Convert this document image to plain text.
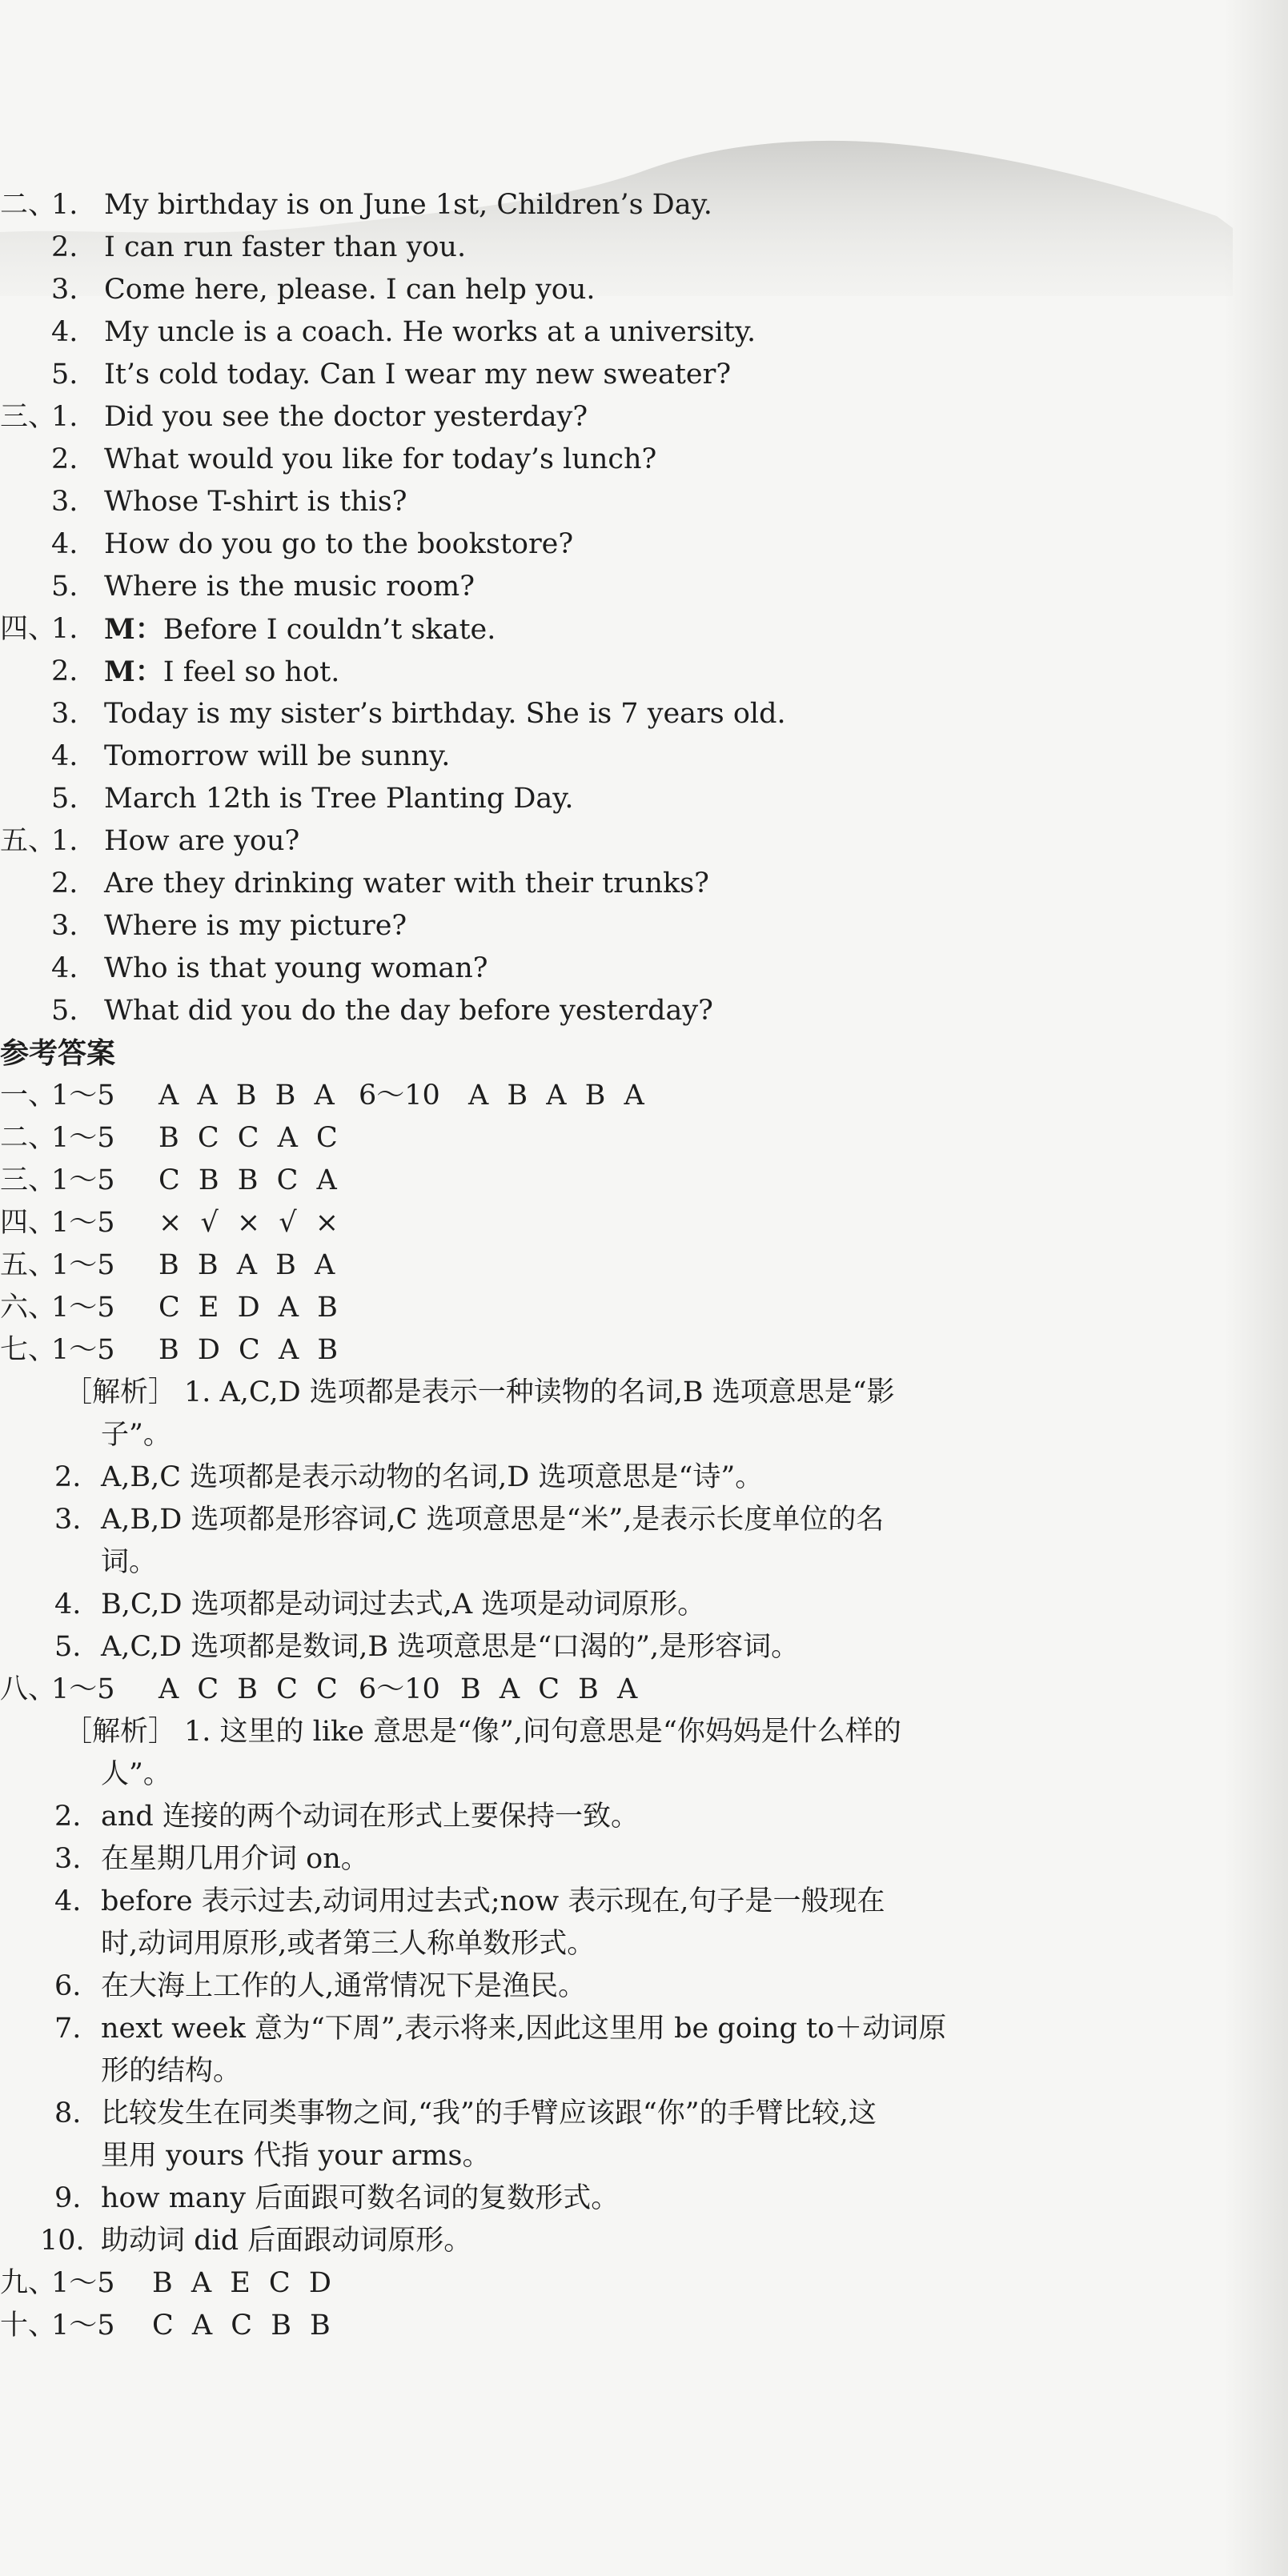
二、
1. My birthday is on June 1st, Children’s Day.
2. I can run faster than you.
3. Come here, please. I can help you.
4. My uncle is a coach. He works at a university.
5. It’s cold today. Can I wear my new sweater?
三、
1. Did you see the doctor yesterday?
2. What would you like for today’s lunch?
3. Whose T-shirt is this?
4. How do you go to the bookstore?
5. Where is the music room?
四、
1. M：Before I couldn’t skate.
2. M：I feel so hot.
3. Today is my sister’s birthday. She is 7 years old.
4. Tomorrow will be sunny.
5. March 12th is Tree Planting Day.
五、
1. How are you?
2. Are they drinking water with their trunks?
3. Where is my picture?
4. Who is that young woman?
5. What did you do the day before yesterday?
参考答案
一、
1～5 A A B B A 6～10 A B A B A
二、
1～5 B C C A C
三、
1～5 C B B C A
四、
1～5 × √ × √ ×
五、
1～5 B B A B A
六、
1～5 C E D A B
七、
1～5 B D C A B
［解析］ 1. A,C,D 选项都是表示一种读物的名词,B 选项意思是“影
子”。
2. A,B,C 选项都是表示动物的名词,D 选项意思是“诗”。
3. A,B,D 选项都是形容词,C 选项意思是“米”,是表示长度单位的名
词。
4. B,C,D 选项都是动词过去式,A 选项是动词原形。
5. A,C,D 选项都是数词,B 选项意思是“口渴的”,是形容词。
八、
1～5 A C B C C 6～10 B A C B A
［解析］ 1. 这里的 like 意思是“像”,问句意思是“你妈妈是什么样的
人”。
2. and 连接的两个动词在形式上要保持一致。
3. 在星期几用介词 on。
4. before 表示过去,动词用过去式;now 表示现在,句子是一般现在
时,动词用原形,或者第三人称单数形式。
6. 在大海上工作的人,通常情况下是渔民。
7. next week 意为“下周”,表示将来,因此这里用 be going to＋动词原
形的结构。
8. 比较发生在同类事物之间,“我”的手臂应该跟“你”的手臂比较,这
里用 yours 代指 your arms。
9. how many 后面跟可数名词的复数形式。
10. 助动词 did 后面跟动词原形。
九、
1～5 B A E C D
十、
1～5 C A C B B
